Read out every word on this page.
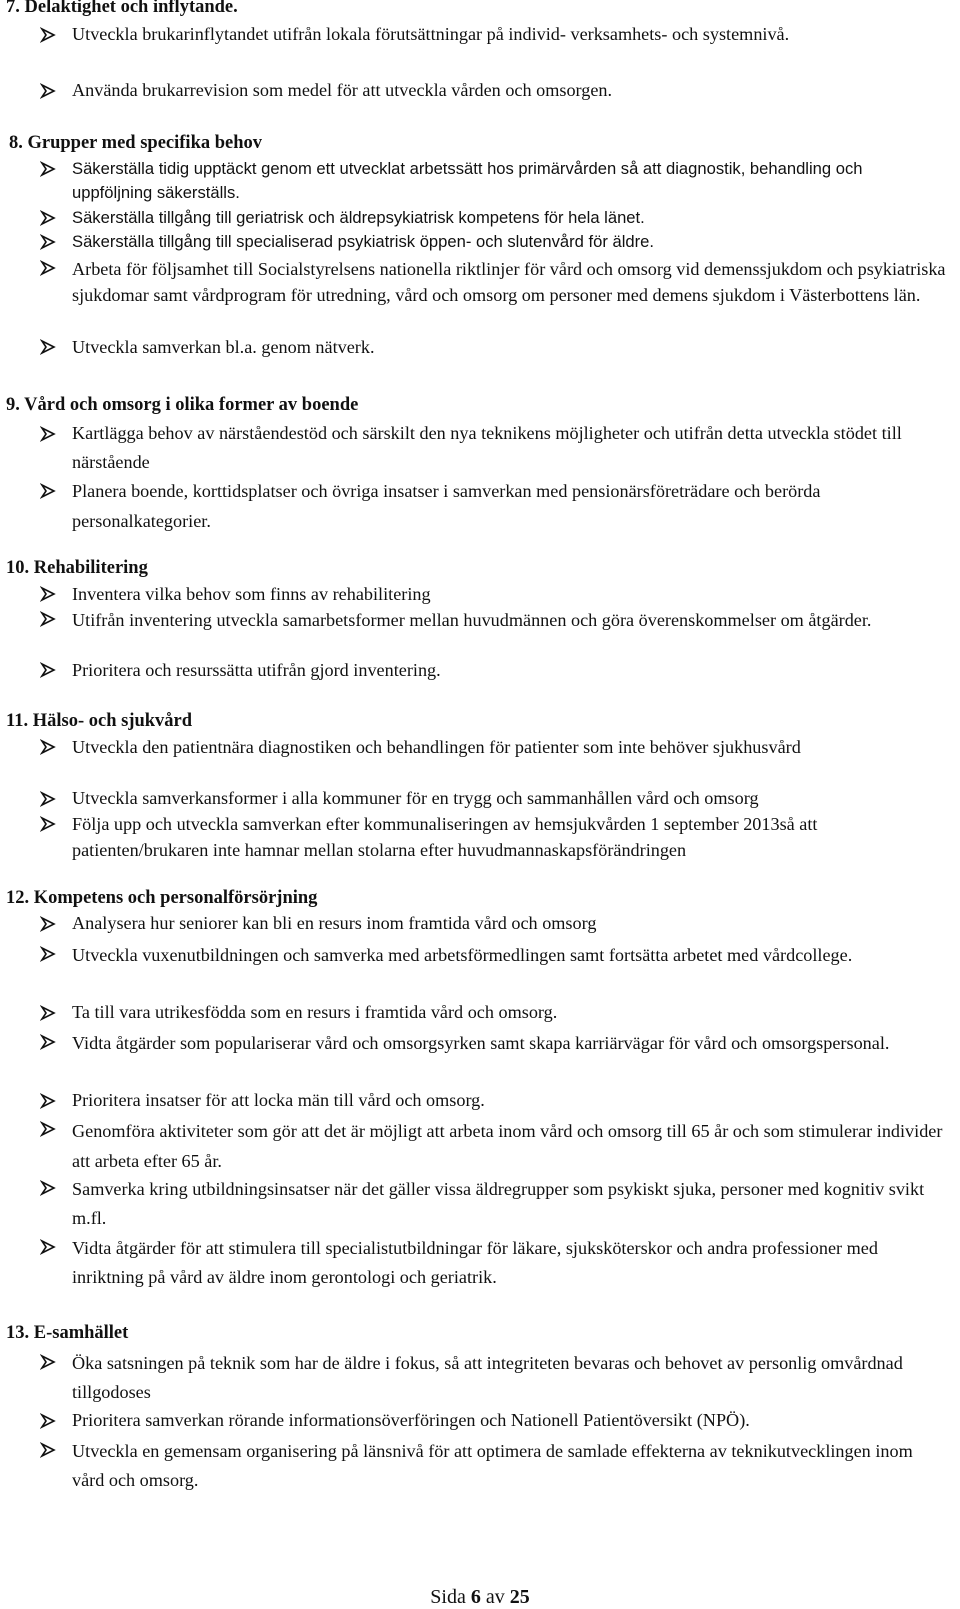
7. Delaktighet och inflytande.
Utveckla brukarinflytandet utifrån lokala förutsättningar på individ- verksamhets- och systemnivå.
Använda brukarrevision som medel för att utveckla vården och omsorgen.
8. Grupper med specifika behov
Säkerställa tidig upptäckt genom ett utvecklat arbetssätt hos primärvården så att diagnostik, behandling och uppföljning säkerställs.
Säkerställa tillgång till geriatrisk och äldrepsykiatrisk kompetens för hela länet.
Säkerställa tillgång till specialiserad psykiatrisk öppen- och slutenvård för äldre.
Arbeta för följsamhet till Socialstyrelsens nationella riktlinjer för vård och omsorg vid demenssjukdom och psykiatriska sjukdomar samt vårdprogram för utredning, vård och omsorg om personer med demens sjukdom i Västerbottens län.
Utveckla samverkan bl.a. genom nätverk.
9. Vård och omsorg i olika former av boende
Kartlägga behov av närståendestöd och särskilt den nya teknikens möjligheter och utifrån detta utveckla stödet till närstående
Planera boende, korttidsplatser och övriga insatser i samverkan med pensionärsföreträdare och berörda personalkategorier.
10. Rehabilitering
Inventera vilka behov som finns av rehabilitering
Utifrån inventering utveckla samarbetsformer mellan huvudmännen och göra överenskommelser om åtgärder.
Prioritera och resurssätta utifrån gjord inventering.
11. Hälso- och sjukvård
Utveckla den patientnära diagnostiken och behandlingen för patienter som inte behöver sjukhusvård
Utveckla samverkansformer i alla kommuner för en trygg och sammanhållen vård och omsorg
Följa upp och utveckla samverkan efter kommunaliseringen av hemsjukvården 1 september 2013så att patienten/brukaren inte hamnar mellan stolarna efter huvudmannaskapsförändringen
12. Kompetens och personalförsörjning
Analysera hur seniorer kan bli en resurs inom framtida vård och omsorg
Utveckla vuxenutbildningen och samverka med arbetsförmedlingen samt fortsätta arbetet med vårdcollege.
Ta till vara utrikesfödda som en resurs i framtida vård och omsorg.
Vidta åtgärder som populariserar vård och omsorgsyrken samt skapa karriärvägar för vård och omsorgspersonal.
Prioritera insatser för att locka män till vård och omsorg.
Genomföra aktiviteter som gör att det är möjligt att arbeta inom vård och omsorg till 65 år och som stimulerar individer att arbeta efter 65 år.
Samverka kring utbildningsinsatser när det gäller vissa äldregrupper som psykiskt sjuka, personer med kognitiv svikt m.fl.
Vidta åtgärder för att stimulera till specialistutbildningar för läkare, sjuksköterskor och andra professioner med inriktning på vård av äldre inom gerontologi och geriatrik.
13. E-samhället
Öka satsningen på teknik som har de äldre i fokus, så att integriteten bevaras och behovet av personlig omvårdnad tillgodoses
Prioritera samverkan rörande informationsöverföringen och Nationell Patientöversikt (NPÖ).
Utveckla en gemensam organisering på länsnivå för att optimera de samlade effekterna av teknikutvecklingen inom vård och omsorg.
Sida 6 av 25
